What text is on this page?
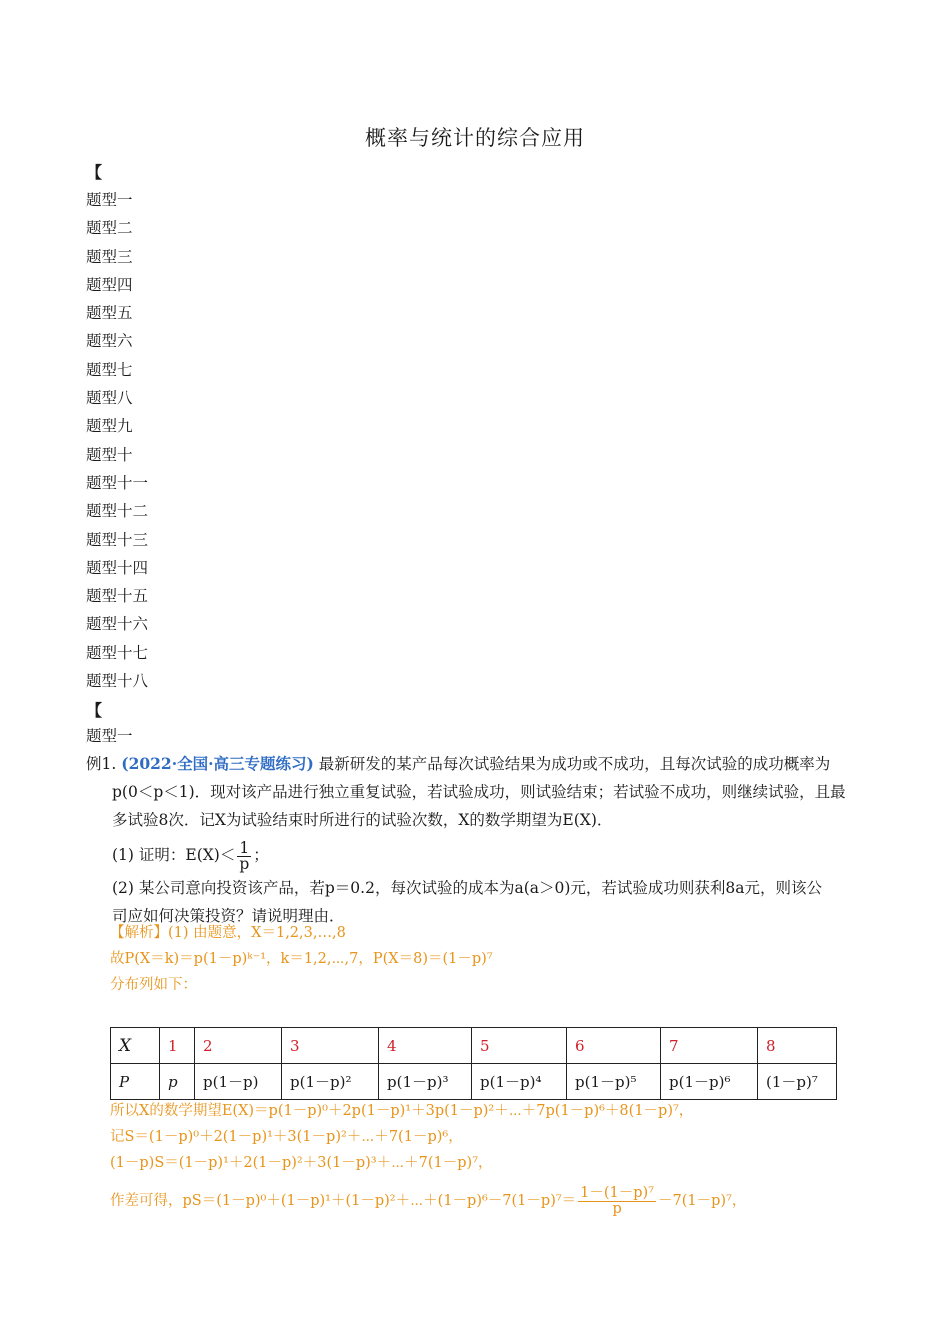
概率与统计的综合应用
【
题型一
题型二
题型三
题型四
题型五
题型六
题型七
题型八
题型九
题型十
题型十一
题型十二
题型十三
题型十四
题型十五
题型十六
题型十七
题型十八
【
题型一
例1. (2022·全国·高三专题练习) 最新研发的某产品每次试验结果为成功或不成功，且每次试验的成功概率为
p(0＜p＜1)．现对该产品进行独立重复试验，若试验成功，则试验结束；若试验不成功，则继续试验，且最
多试验8次．记X为试验结束时所进行的试验次数，X的数学期望为E(X)．
(1) 证明：$E(X)< \frac{1}{p}$ ；
(2) 某公司意向投资该产品，若p＝0.2，每次试验的成本为a(a＞0)元，若试验成功则获利8a元，则该公
司应如何决策投资？请说明理由．
【解析】(1) 由题意，X＝1,2,3,…,8
故P(X＝k)＝p(1－p)ᵏ⁻¹，k＝1,2,⋯,7，P(X＝8)＝(1－p)⁷
分布列如下：
X	1	2	3	4	5	6	7	8
P	p	p(1－p)	p(1－p)²	p(1－p)³	p(1－p)⁴	p(1－p)⁵	p(1－p)⁶	(1－p)⁷
所以X的数学期望E(X)＝p(1－p)⁰＋2p(1－p)¹＋3p(1－p)²＋⋯＋7p(1－p)⁶＋8(1－p)⁷，
记S＝(1－p)⁰＋2(1－p)¹＋3(1－p)²＋⋯＋7(1－p)⁶，
(1－p)S＝(1－p)¹＋2(1－p)²＋3(1－p)³＋⋯＋7(1－p)⁷，
作差可得，pS＝(1－p)⁰＋(1－p)¹＋(1－p)²＋⋯＋(1－p)⁶－7(1－p)⁷＝ $\frac{\text{1－(1－p)⁷}}{p} -7(1-p)^7$，
